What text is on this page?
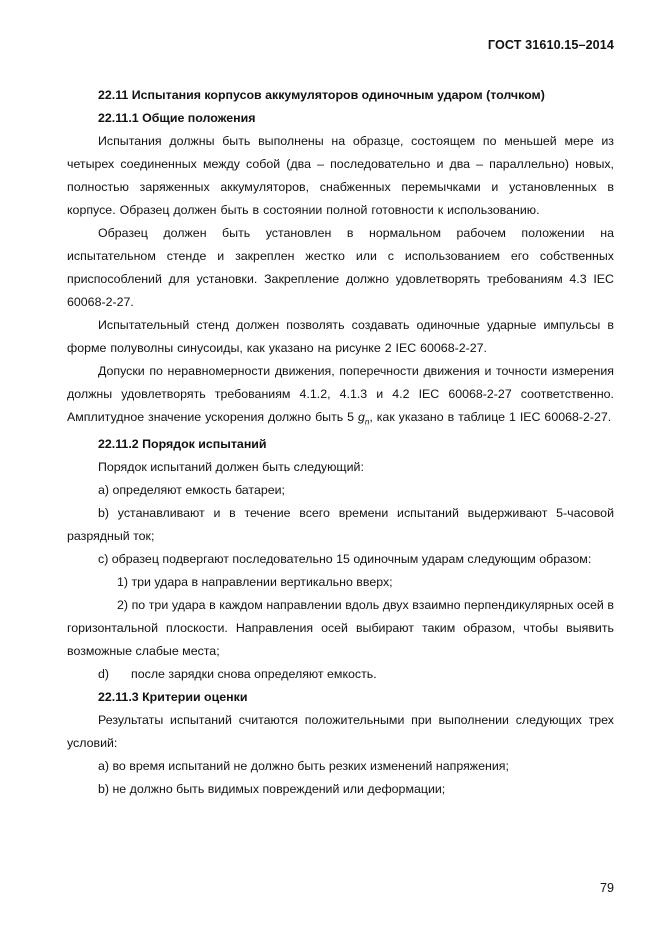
ГОСТ 31610.15–2014
22.11 Испытания корпусов аккумуляторов одиночным ударом (толчком)
22.11.1 Общие положения
Испытания должны быть выполнены на образце, состоящем по меньшей мере из четырех соединенных между собой (два – последовательно и два – параллельно) новых, полностью заряженных аккумуляторов, снабженных перемычками и установленных в корпусе. Образец должен быть в состоянии полной готовности к использованию.
Образец должен быть установлен в нормальном рабочем положении на испытательном стенде и закреплен жестко или с использованием его собственных приспособлений для установки. Закрепление должно удовлетворять требованиям 4.3 IEC 60068-2-27.
Испытательный стенд должен позволять создавать одиночные ударные импульсы в форме полуволны синусоиды, как указано на рисунке 2 IEC 60068-2-27.
Допуски по неравномерности движения, поперечности движения и точности измерения должны удовлетворять требованиям 4.1.2, 4.1.3 и 4.2 IEC 60068-2-27 соответственно. Амплитудное значение ускорения должно быть 5 $g_n$, как указано в таблице 1 IEC 60068-2-27.
22.11.2 Порядок испытаний
Порядок испытаний должен быть следующий:
a) определяют емкость батареи;
b) устанавливают и в течение всего времени испытаний выдерживают 5-часовой разрядный ток;
c) образец подвергают последовательно 15 одиночным ударам следующим образом:
1) три удара в направлении вертикально вверх;
2) по три удара в каждом направлении вдоль двух взаимно перпендикулярных осей в горизонтальной плоскости. Направления осей выбирают таким образом, чтобы выявить возможные слабые места;
d) после зарядки снова определяют емкость.
22.11.3 Критерии оценки
Результаты испытаний считаются положительными при выполнении следующих трех условий:
a) во время испытаний не должно быть резких изменений напряжения;
b) не должно быть видимых повреждений или деформации;
79
